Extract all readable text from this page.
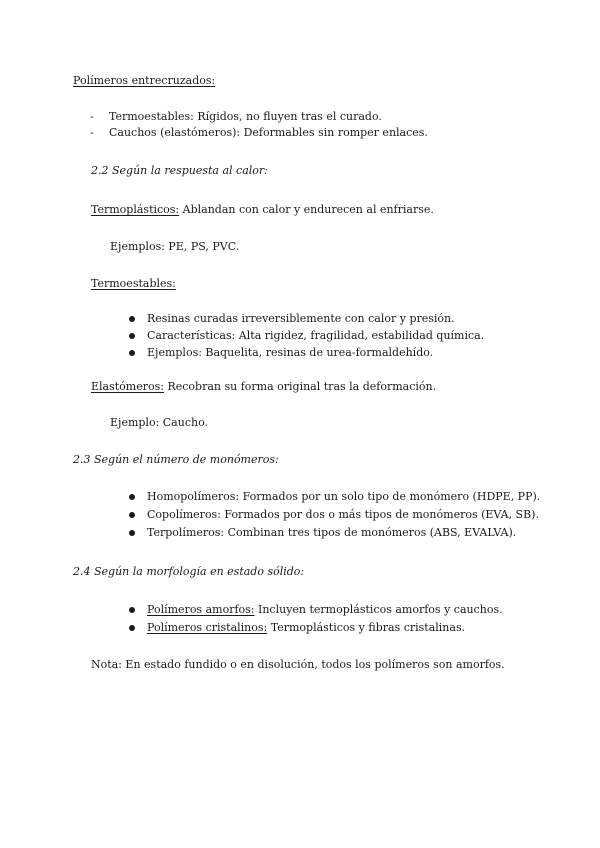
Polímeros entrecruzados:
- Termoestables: Rígidos, no fluyen tras el curado.
- Cauchos (elastómeros): Deformables sin romper enlaces.
2.2 Según la respuesta al calor:
Termoplásticos: Ablandan con calor y endurecen al enfriarse.
Ejemplos: PE, PS, PVC.
Termoestables:
Resinas curadas irreversiblemente con calor y presión.
Características: Alta rigidez, fragilidad, estabilidad química.
Ejemplos: Baquelita, resinas de urea-formaldehído.
Elastómeros: Recobran su forma original tras la deformación.
Ejemplo: Caucho.
2.3 Según el número de monómeros:
Homopolímeros: Formados por un solo tipo de monómero (HDPE, PP).
Copolímeros: Formados por dos o más tipos de monómeros (EVA, SB).
Terpolímeros: Combinan tres tipos de monómeros (ABS, EVALVA).
2.4 Según la morfología en estado sólido:
Polímeros amorfos: Incluyen termoplásticos amorfos y cauchos.
Polímeros cristalinos: Termoplásticos y fibras cristalinas.
Nota: En estado fundido o en disolución, todos los polímeros son amorfos.
